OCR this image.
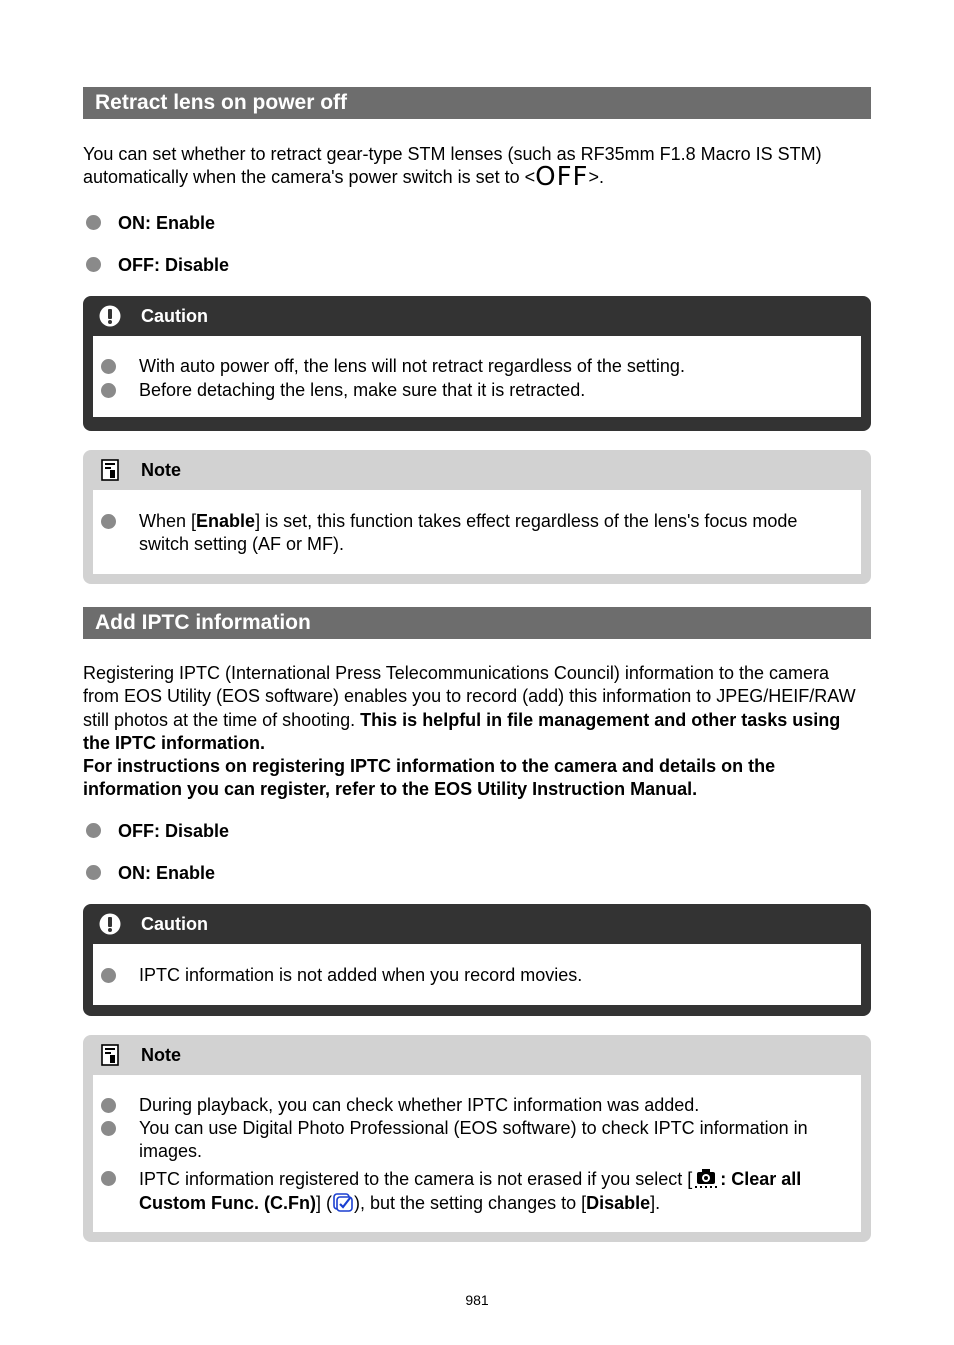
Retract lens on power off
You can set whether to retract gear-type STM lenses (such as RF35mm F1.8 Macro IS STM) automatically when the camera's power switch is set to <OFF>.
ON: Enable
OFF: Disable
Caution
With auto power off, the lens will not retract regardless of the setting.
Before detaching the lens, make sure that it is retracted.
Note
When [Enable] is set, this function takes effect regardless of the lens's focus mode switch setting (AF or MF).
Add IPTC information
Registering IPTC (International Press Telecommunications Council) information to the camera from EOS Utility (EOS software) enables you to record (add) this information to JPEG/HEIF/RAW still photos at the time of shooting. This is helpful in file management and other tasks using the IPTC information.
For instructions on registering IPTC information to the camera and details on the information you can register, refer to the EOS Utility Instruction Manual.
OFF: Disable
ON: Enable
Caution
IPTC information is not added when you record movies.
Note
During playback, you can check whether IPTC information was added.
You can use Digital Photo Professional (EOS software) to check IPTC information in images.
IPTC information registered to the camera is not erased if you select [ : Clear all Custom Func. (C.Fn)] ( ), but the setting changes to [Disable].
981
